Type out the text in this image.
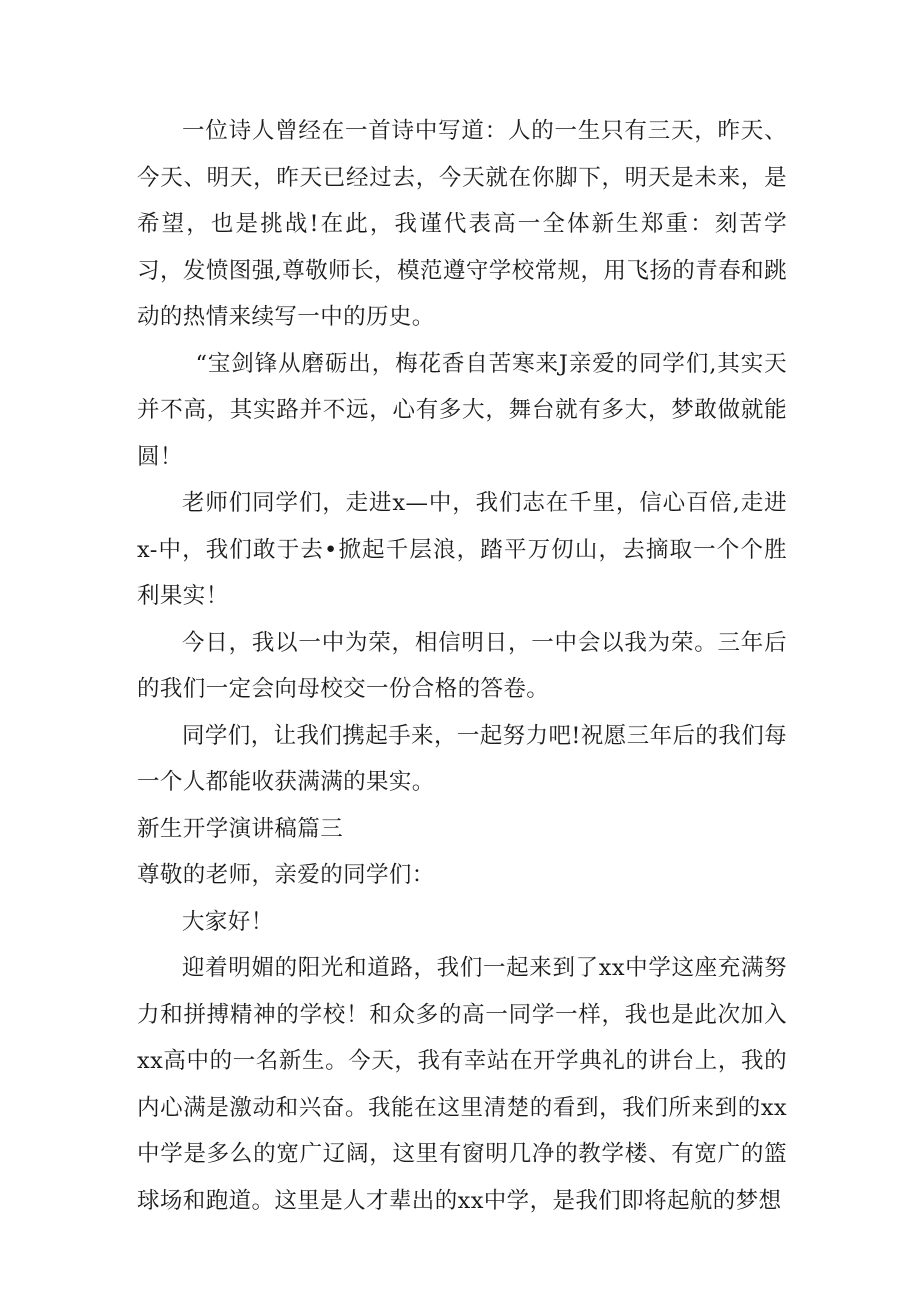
一位诗人曾经在一首诗中写道：人的一生只有三天，昨天、今天、明天，昨天已经过去，今天就在你脚下，明天是未来，是希望，也是挑战!在此，我谨代表高一全体新生郑重：刻苦学习，发愤图强,尊敬师长，模范遵守学校常规，用飞扬的青春和跳动的热情来续写一中的历史。

“宝剑锋从磨砺出，梅花香自苦寒来J亲爱的同学们,其实天并不高，其实路并不远，心有多大，舞台就有多大，梦敢做就能圆！

老师们同学们，走进x—中，我们志在千里，信心百倍,走进x-中，我们敢于去•掀起千层浪，踏平万仞山，去摘取一个个胜利果实！

今日，我以一中为荣，相信明日，一中会以我为荣。三年后的我们一定会向母校交一份合格的答卷。

同学们，让我们携起手来，一起努力吧!祝愿三年后的我们每一个人都能收获满满的果实。

新生开学演讲稿篇三

尊敬的老师，亲爱的同学们：

大家好！

迎着明媚的阳光和道路，我们一起来到了xx中学这座充满努力和拼搏精神的学校！和众多的高一同学一样，我也是此次加入xx高中的一名新生。今天，我有幸站在开学典礼的讲台上，我的内心满是激动和兴奋。我能在这里清楚的看到，我们所来到的xx中学是多么的宽广辽阔，这里有窗明几净的教学楼、有宽广的篮球场和跑道。这里是人才辈出的xx中学，是我们即将起航的梦想
